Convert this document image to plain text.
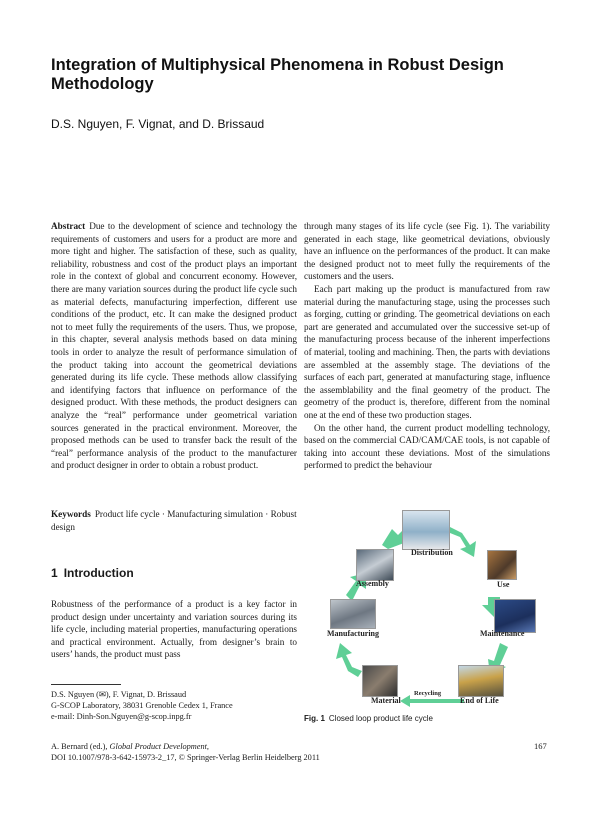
Integration of Multiphysical Phenomena in Robust Design Methodology
D.S. Nguyen, F. Vignat, and D. Brissaud

Abstract Due to the development of science and technology the requirements of customers and users for a product are more and more tight and higher. The satisfaction of these, such as quality, reliability, robustness and cost of the product plays an important role in the context of global and concurrent economy. However, there are many variation sources during the product life cycle such as material defects, manufacturing imperfection, different use conditions of the product, etc. It can make the designed product not to meet fully the requirements of the users. Thus, we propose, in this chapter, several analysis methods based on data mining tools in order to analyze the result of performance simulation of the product taking into account the geometrical deviations generated during its life cycle. These methods allow classifying and identifying factors that influence on performance of the designed product. With these methods, the product designers can analyze the “real” performance under geometrical variation sources generated in the practical environment. Moreover, the proposed methods can be used to transfer back the result of the “real” performance analysis of the product to the manufacturer and product designer in order to obtain a robust product.

Keywords Product life cycle · Manufacturing simulation · Robust design

1 Introduction

Robustness of the performance of a product is a key factor in product design under uncertainty and variation sources during its life cycle, including material properties, manufacturing operations and practical environment. Actually, from designer’s brain to users’ hands, the product must pass

through many stages of its life cycle (see Fig. 1). The variability generated in each stage, like geometrical deviations, obviously have an influence on the performances of the product. It can make the designed product not to meet fully the requirements of the customers and the users.

Each part making up the product is manufactured from raw material during the manufacturing stage, using the processes such as forging, cutting or grinding. The geometrical deviations on each part are generated and accumulated over the successive set-up of the manufacturing process because of the inherent imperfections of material, tooling and machining. Then, the parts with deviations are assembled at the assembly stage. The deviations of the surfaces of each part, generated at manufacturing stage, influence the assemblability and the final geometry of the product. The geometry of the product is, therefore, different from the nominal one at the end of these two production stages.

On the other hand, the current product modelling technology, based on the commercial CAD/CAM/CAE tools, is not capable of taking into account these deviations. Most of the simulations performed to predict the behaviour

Distribution
Use
Maintenance
End of Life
Material
Manufacturing
Assembly
Recycling
Fig. 1 Closed loop product life cycle
D.S. Nguyen (✉), F. Vignat, D. Brissaud
G-SCOP Laboratory, 38031 Grenoble Cedex 1, France
e-mail: Dinh-Son.Nguyen@g-scop.inpg.fr
A. Bernard (ed.), Global Product Development,
DOI 10.1007/978-3-642-15973-2_17, © Springer-Verlag Berlin Heidelberg 2011
167
